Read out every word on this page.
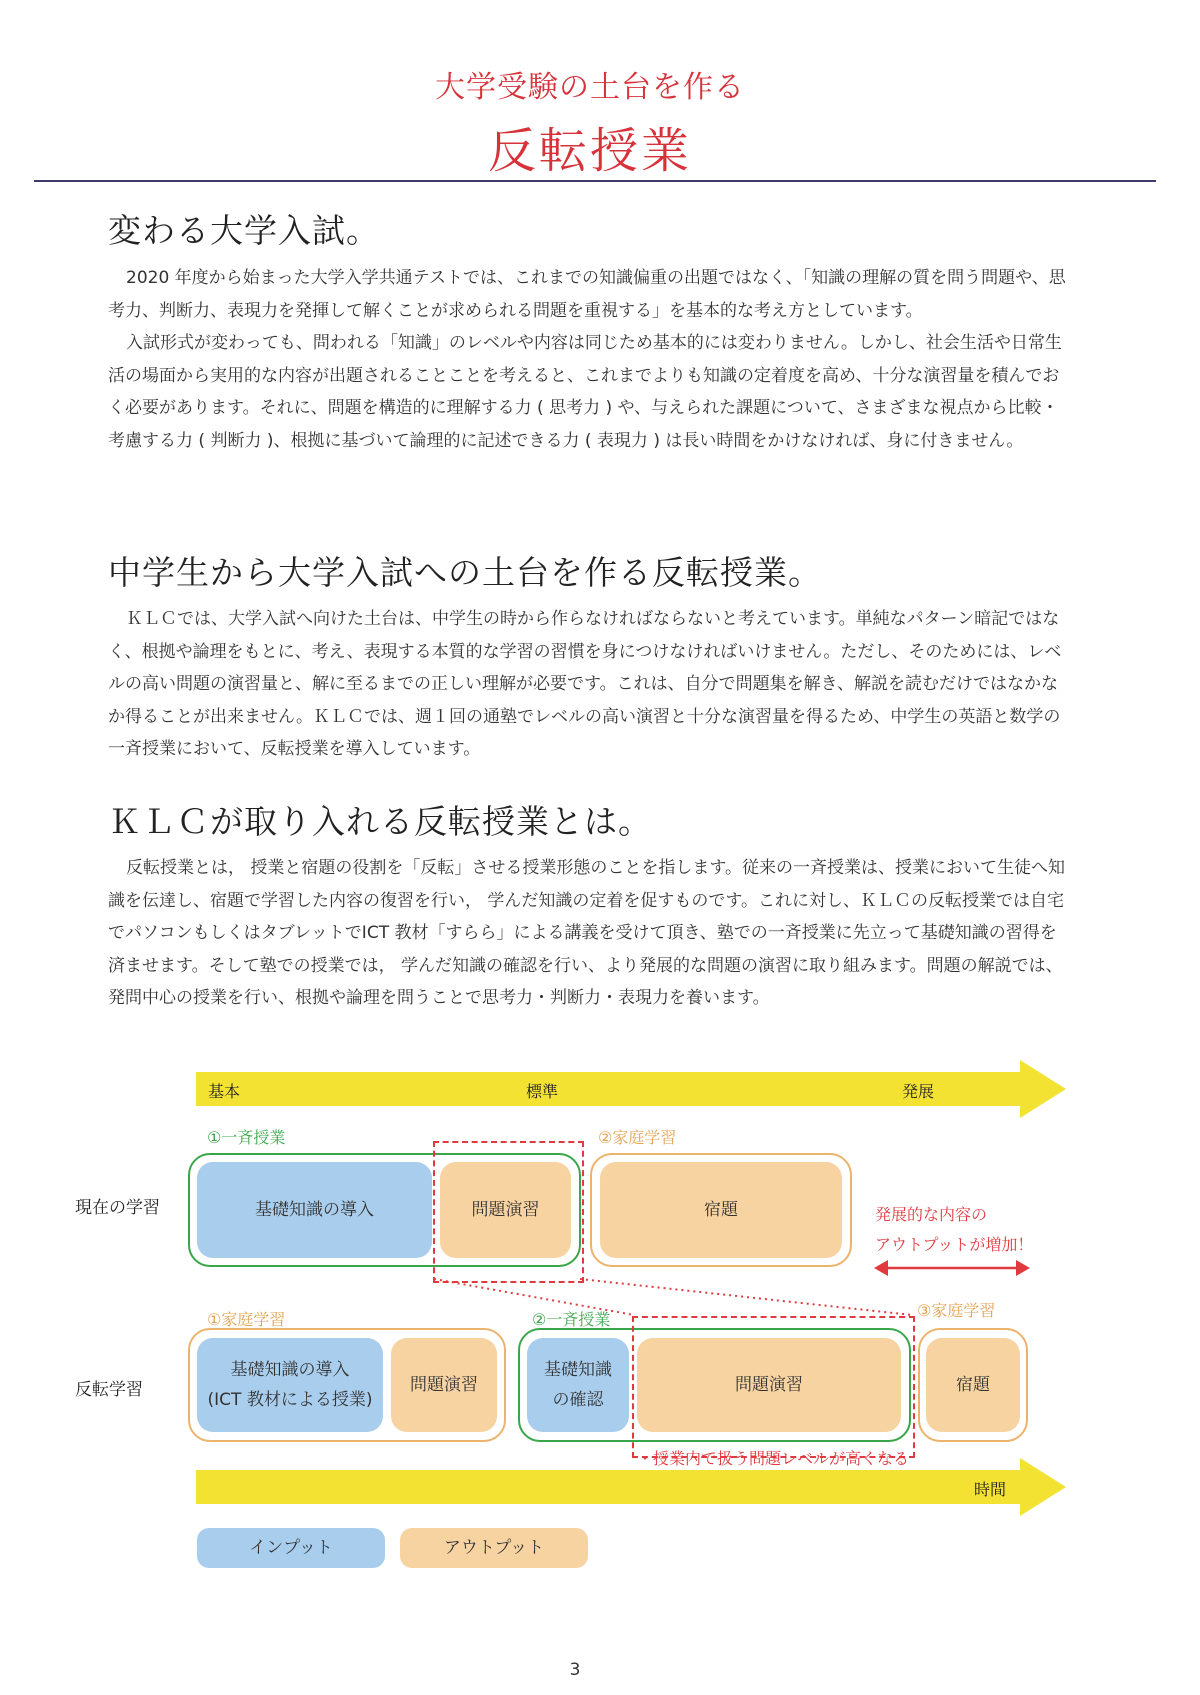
大学受験の土台を作る
反転授業
変わる大学入試。

2020 年度から始まった大学入学共通テストでは、これまでの知識偏重の出題ではなく、「知識の理解の質を問う問題や、思考力、判断力、表現力を発揮して解くことが求められる問題を重視する」を基本的な考え方としています。

入試形式が変わっても、問われる「知識」のレベルや内容は同じため基本的には変わりません。しかし、社会生活や日常生活の場面から実用的な内容が出題されることことを考えると、これまでよりも知識の定着度を高め、十分な演習量を積んでおく必要があります。それに、問題を構造的に理解する力 ( 思考力 ) や、与えられた課題について、さまざまな視点から比較・考慮する力 ( 判断力 )、根拠に基づいて論理的に記述できる力 ( 表現力 ) は長い時間をかけなければ、身に付きません。

中学生から大学入試への土台を作る反転授業。

ＫＬＣでは、大学入試へ向けた土台は、中学生の時から作らなければならないと考えています。単純なパターン暗記ではなく、根拠や論理をもとに、考え、表現する本質的な学習の習慣を身につけなければいけません。ただし、そのためには、レベルの高い問題の演習量と、解に至るまでの正しい理解が必要です。これは、自分で問題集を解き、解説を読むだけではなかなか得ることが出来ません。ＫＬＣでは、週１回の通塾でレベルの高い演習と十分な演習量を得るため、中学生の英語と数学の一斉授業において、反転授業を導入しています。

ＫＬＣが取り入れる反転授業とは。

反転授業とは， 授業と宿題の役割を「反転」させる授業形態のことを指します。従来の一斉授業は、授業において生徒へ知識を伝達し、宿題で学習した内容の復習を行い， 学んだ知識の定着を促すものです。これに対し、ＫＬＣの反転授業では自宅でパソコンもしくはタブレットでICT 教材「すらら」による講義を受けて頂き、塾での一斉授業に先立って基礎知識の習得を済ませます。そして塾での授業では， 学んだ知識の確認を行い、より発展的な問題の演習に取り組みます。問題の解説では、発問中心の授業を行い、根拠や論理を問うことで思考力・判断力・表現力を養います。

基本	標準	発展
①一斉授業	②家庭学習
現在の学習	基礎知識の導入	問題演習	宿題	発展的な内容の
アウトプットが増加！
①家庭学習	②一斉授業	③家庭学習
反転学習
基礎知識の導入
(ICT 教材による授業)
問題演習
基礎知識
の確認
問題演習	宿題
・授業内で扱う問題レベルが高くなる
時間
インプット	アウトプット
3
